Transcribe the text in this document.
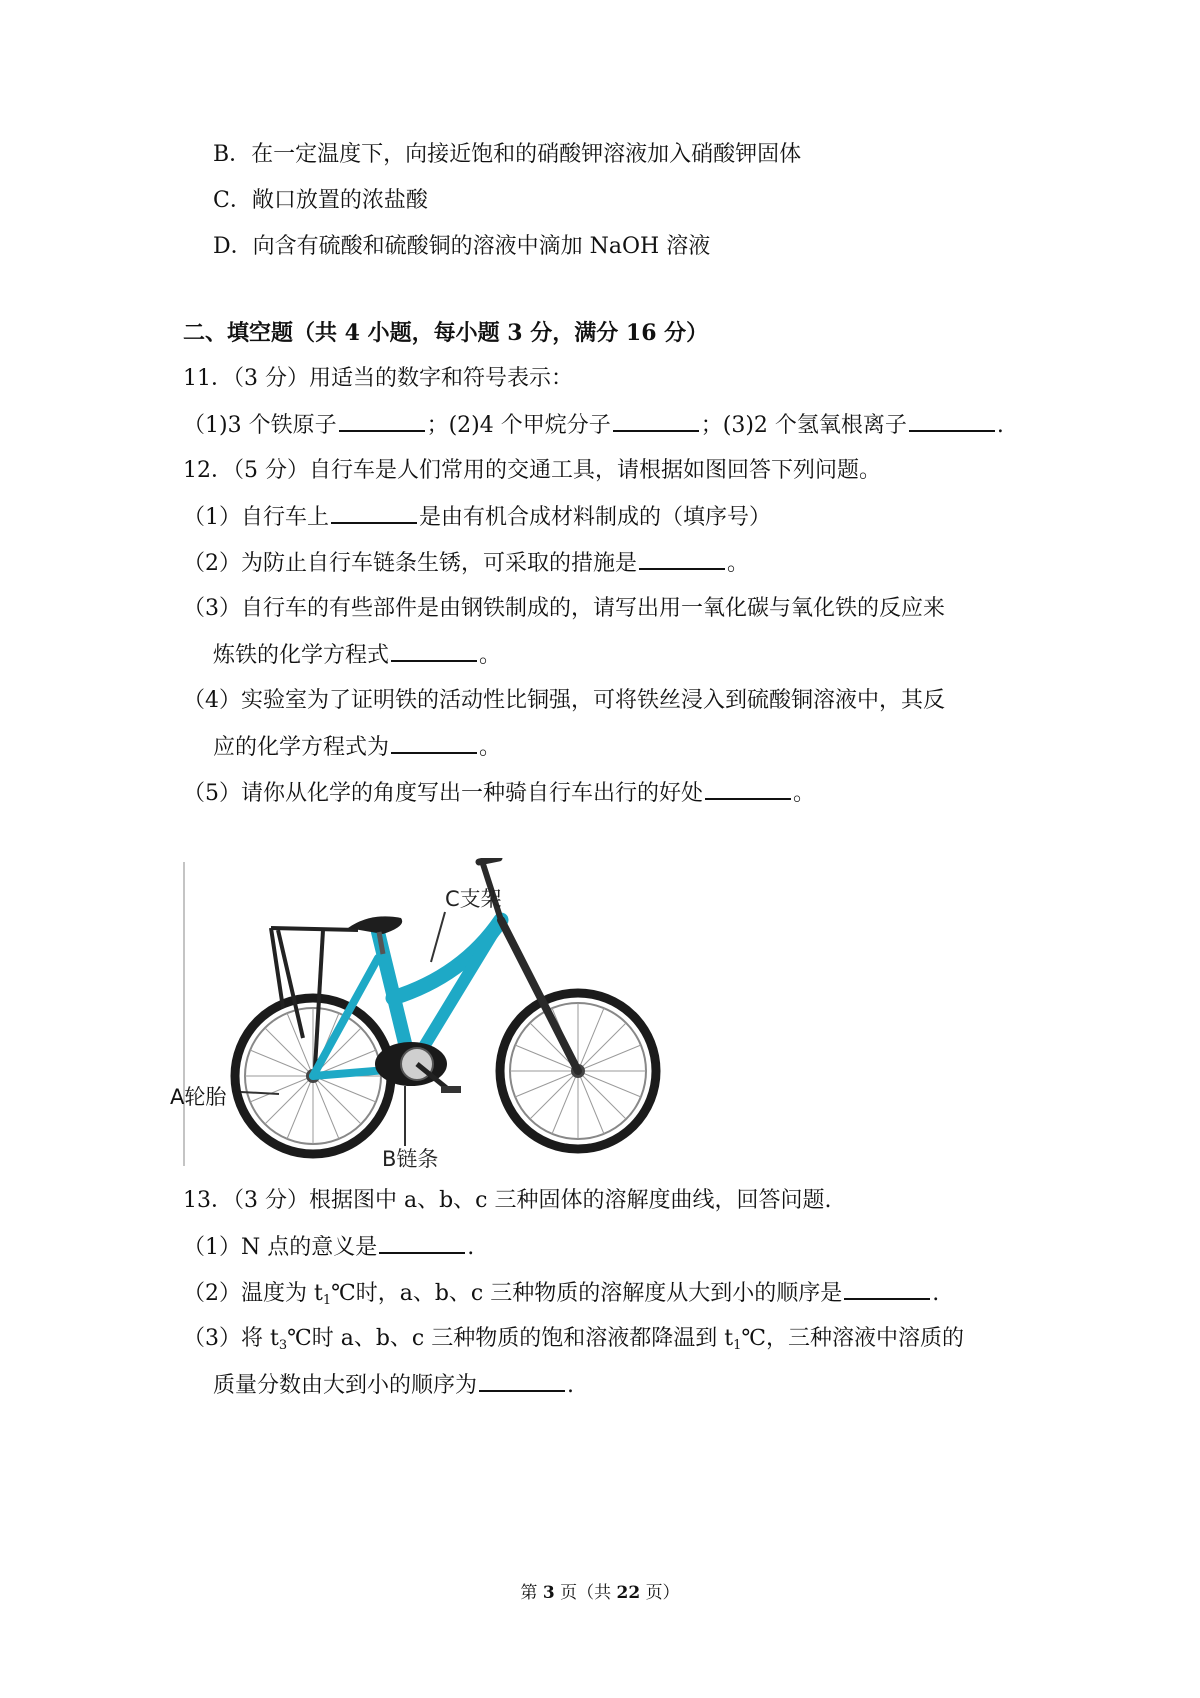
B．在一定温度下，向接近饱和的硝酸钾溶液加入硝酸钾固体
C．敞口放置的浓盐酸
D．向含有硫酸和硫酸铜的溶液中滴加 NaOH 溶液
二、填空题（共 4 小题，每小题 3 分，满分 16 分）
11．（3 分）用适当的数字和符号表示：
（1)3 个铁原子	；(2)4 个甲烷分子	；(3)2 个氢氧根离子	.
12．（5 分）自行车是人们常用的交通工具，请根据如图回答下列问题。
（1）自行车上	是由有机合成材料制成的（填序号）
（2）为防止自行车链条生锈，可采取的措施是	。
（3）自行车的有些部件是由钢铁制成的，请写出用一氧化碳与氧化铁的反应来
炼铁的化学方程式	。
（4）实验室为了证明铁的活动性比铜强，可将铁丝浸入到硫酸铜溶液中，其反
应的化学方程式为	。
（5）请你从化学的角度写出一种骑自行车出行的好处	。
C支架
B链条
A轮胎
13．（3 分）根据图中 a、b、c 三种固体的溶解度曲线，回答问题.
（1）N 点的意义是	.
（2）温度为 $t_1℃$时，a、b、c 三种物质的溶解度从大到小的顺序是	.
（3）将 $t_3℃$时 a、b、c 三种物质的饱和溶液都降温到 $t_1℃$，三种溶液中溶质的
质量分数由大到小的顺序为	.
第 3 页（共 22 页）
